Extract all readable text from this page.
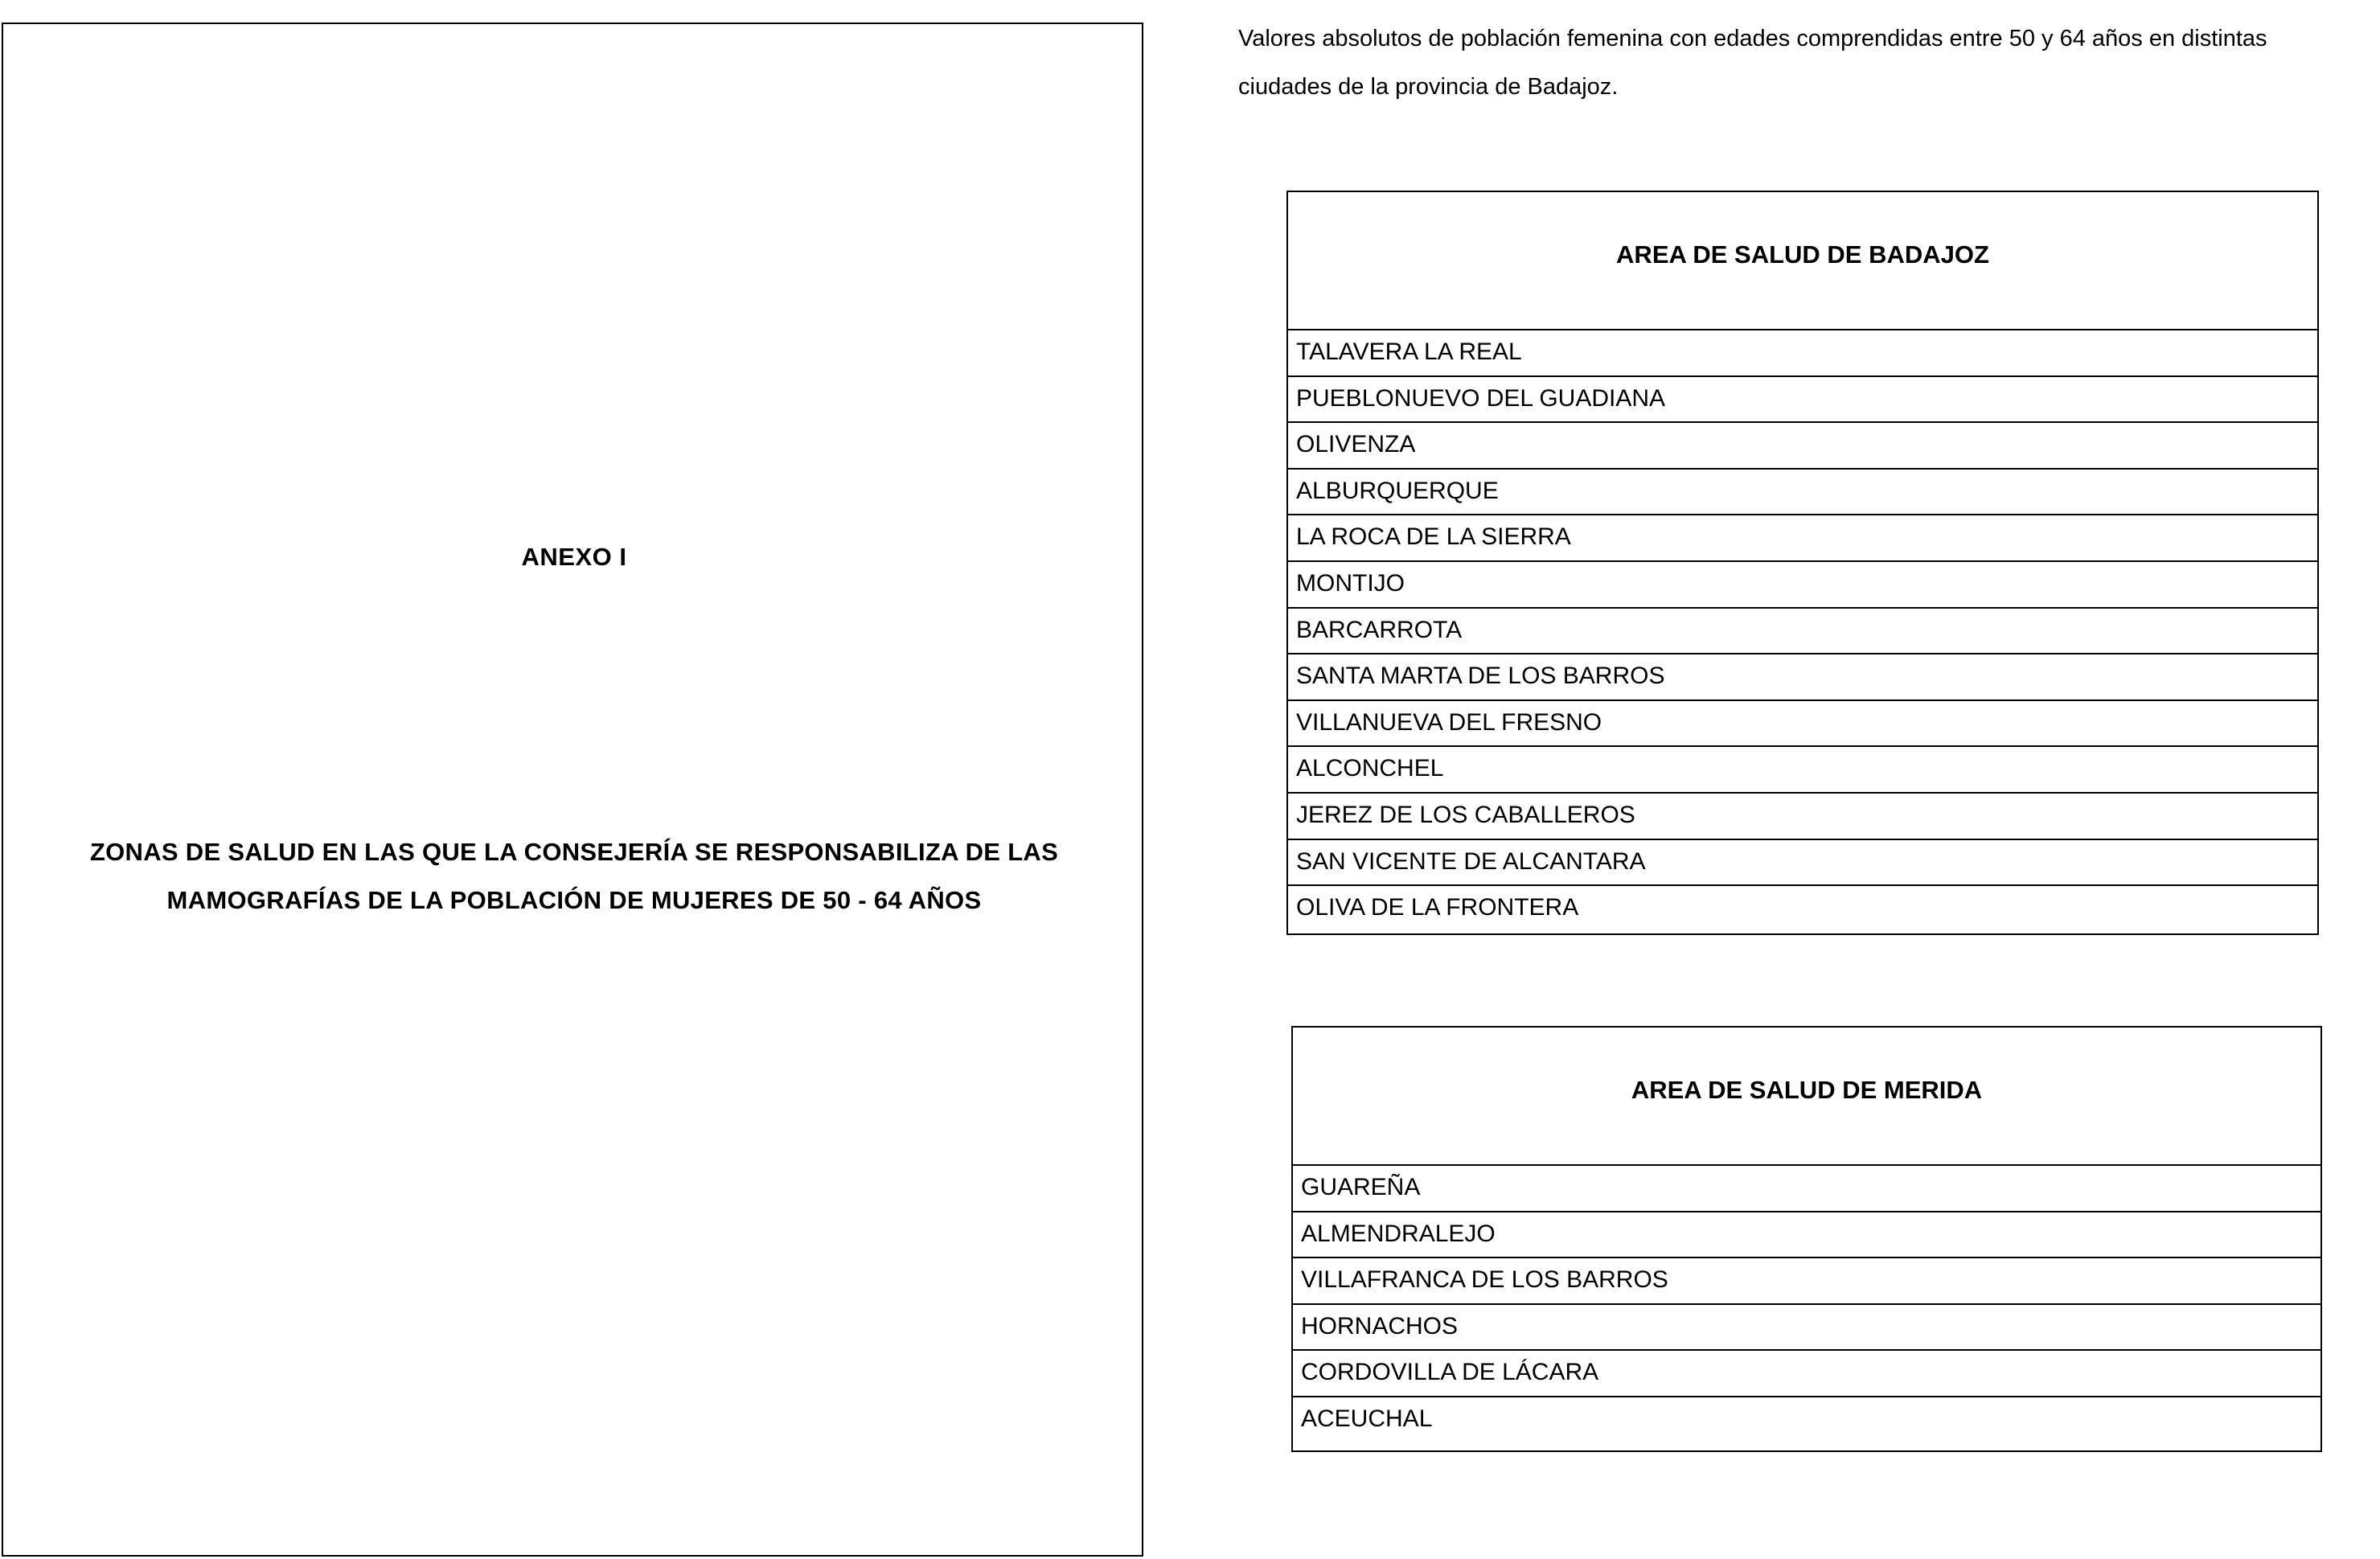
ANEXO I
ZONAS DE SALUD EN LAS QUE LA CONSEJERÍA SE RESPONSABILIZA DE LAS
MAMOGRAFÍAS DE LA POBLACIÓN DE MUJERES DE 50 - 64 AÑOS
Valores absolutos de población femenina con edades comprendidas entre 50 y 64 años en distintas
ciudades de la provincia de Badajoz.
AREA DE SALUD DE BADAJOZ
TALAVERA LA REAL
PUEBLONUEVO DEL GUADIANA
OLIVENZA
ALBURQUERQUE
LA ROCA DE LA SIERRA
MONTIJO
BARCARROTA
SANTA MARTA DE LOS BARROS
VILLANUEVA DEL FRESNO
ALCONCHEL
JEREZ DE LOS CABALLEROS
SAN VICENTE DE ALCANTARA
OLIVA DE LA FRONTERA
AREA DE SALUD DE MERIDA
GUAREÑA
ALMENDRALEJO
VILLAFRANCA DE LOS BARROS
HORNACHOS
CORDOVILLA DE LÁCARA
ACEUCHAL
